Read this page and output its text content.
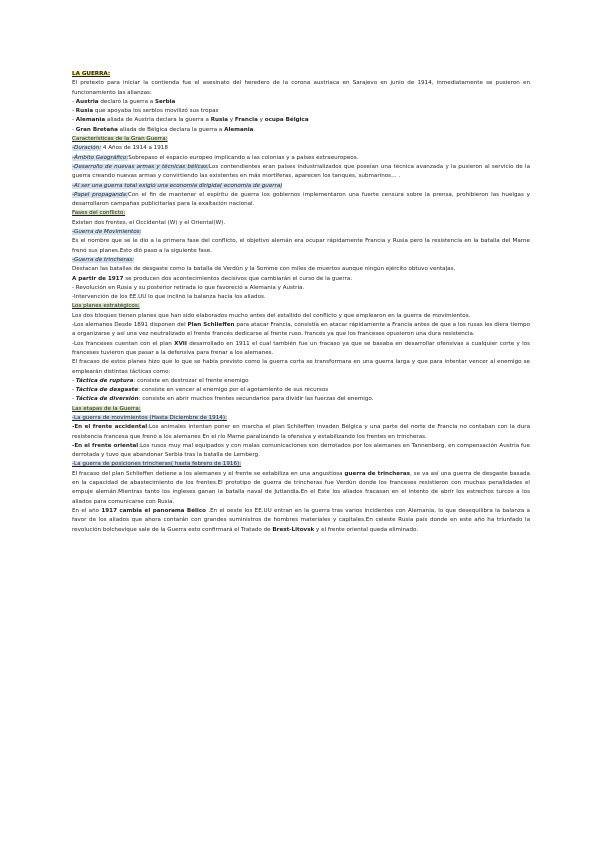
LA GUERRA:

El pretexto para iniciar la contienda fue el asesinato del heredero de la corona austriaca en Sarajevo en junio de 1914, inmediatamente se pusieron en funcionamiento las alianzas:

- Austria declaró la guerra a Serbia

- Rusia que apoyaba los serbios movilizó sus tropas

- Alemania aliada de Austria declara la guerra a Rusia y Francia y ocupa Bélgica

- Gran Bretaña aliada de Bélgica declara la guerra a Alemania.

Características de la Gran Guerra:

-Duración: 4 Años de 1914 a 1918

-Ámbito Geográfico:Sobrepaso el espacio europeo implicando a las colonias y a países extraeuropeos.

-Desarrollo de nuevas armas y técnicas bélicas:Los contendientes eran países industrializados que poseían una técnica avanzada y la pusieron al servicio de la guerra creando nuevas armas y convirtiendo las existentes en más mortíferas, aparecen los tanques, submarinos… .

-Al ser una guerra total exigió una economía dirigida( economía de guerra)

-Papel propaganda:Con el fin de mantener el espíritu de guerra los gobiernos implementaron una fuerte censura sobre la prensa, prohibieron las huelgas y desarrollaron campañas publicitarias para la exaltación nacional.

Fases del conflicto:

Existen dos frentes, el Occidental (W) y el Oriental(W).

-Guerra de Movimientos:

Es el nombre que se le dio a la primera fase del conflicto, el objetivo alemán era ocupar rápidamente Francia y Rusia pero la resistencia en la batalla del Marne frenó sus planes.Esto dió paso a la siguiente fase.

-Guerra de trincheras:

Destacan las batallas de desgaste como la batalla de Verdún y la Somme con miles de muertos aunque ningún ejército obtuvo ventajas.

A partir de 1917 se producen dos acontecimientos decisivos que cambiarán el curso de la guerra:

- Revolución en Rusia y su posterior retirada lo que favoreció a Alemania y Austria.

-Intervención de los EE.UU lo que inclinó la balanza hacia los aliados.

Los planes estratégicos:

Los dos bloques tienen planes que han sido elaborados mucho antes del estallido del conflicto y que emplearon en la guerra de movimientos.

-Los alemanes Desde 1891 disponen del Plan Schlieffen para atacar Francia, consistía en atacar rápidamente a Francia antes de que a los rusas les diera tiempo a organizarse y así una vez neutralizado el frente francés dedicarse al frente ruso. francés ya que los franceses opusieron una dura resistencia.

-Los franceses cuentan con el plan XVII desarrollado en 1911 el cual también fue un fracaso ya que se basaba en desarrollar ofensivas a cualquier corte y los franceses tuvieron que pasar a la defensiva para frenar a los alemanes.

El fracaso de estos planes hizo que lo que se había previsto como la guerra corta se transformara en una guerra larga y que para intentar vencer al enemigo se emplearán distintas tácticas como:

- Táctica de ruptura: consiste en destrozar el frente enemigo

- Táctica de desgaste: consiste en vencer al enemigo por el agotamiento de sus recursos

- Táctica de diversión: consiste en abrir muchos frentes secundarios para dividir las fuerzas del enemigo.

Las etapas de la Guerra:

-La guerra de movimientos (Hasta Diciembre de 1914):

-En el frente accidental:Los animales intentan poner en marcha el plan Schlieffen invaden Bélgica y una parte del norte de Francia no contaban con la dura resistencia francesa que frenó a los alemanes En el río Marne paralizando la ofensiva y estabilizando los frentes en trincheras.

-En el frente oriental:Los rusos muy mal equipados y con malas comunicaciones son derrotados por los alemanes en Tannenberg, en compensación Austria fue derrotada y tuvo que abandonar Serbia tras la batalla de Lemberg.

-La guerra de posiciones trincheras( hasta febrero de 1916):

El fracaso del plan Schlieffen detiene a los alemanes y el frente se estabiliza en una angustiosa guerra de trincheras, se va así una guerra de desgaste basada en la capacidad de abastecimiento de los frentes.El prototipo de guerra de trincheras fue Verdún donde los franceses resistieron con muchas penalidades el empuje alemán.Mientras tanto los ingleses ganan la batalla naval de Jutlandia.En el Este los aliados fracasan en el intento de abrir los estrechos turcos a los aliados para comunicarse con Rusia.

En el año 1917 cambia el panorama Bélico .En el oeste los EE.UU entran en la guerra tras varios incidentes con Alemania, lo que desequilibra la balanza a favor de los aliados que ahora contarán con grandes suministros de hombres materiales y capitales.En celeste Rusia país donde en este año ha triunfado la revolución bolchevique sale de la Guerra esto confirmará el Tratado de Brest-Litovsk y el frente oriental queda eliminado.
